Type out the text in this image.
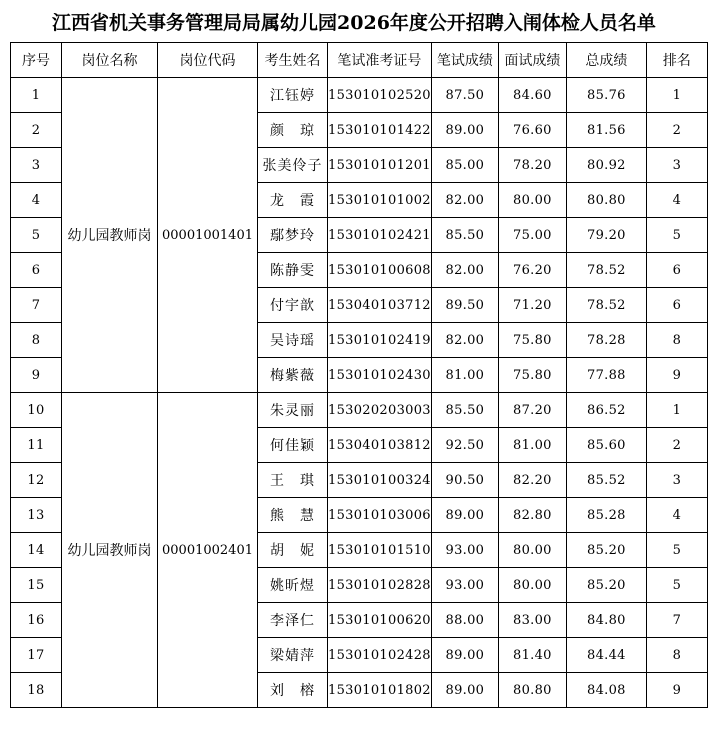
江西省机关事务管理局局属幼儿园2026年度公开招聘入闱体检人员名单
序号	岗位名称	岗位代码	考生姓名	笔试准考证号	笔试成绩	面试成绩	总成绩	排名
1	幼儿园教师岗	00001001401	江钰婷	153010102520	87.50	84.60	85.76	1
2			颜　琼	153010101422	89.00	76.60	81.56	2
3			张美伶子	153010101201	85.00	78.20	80.92	3
4			龙　霞	153010101002	82.00	80.00	80.80	4
5			鄢梦玲	153010102421	85.50	75.00	79.20	5
6			陈静雯	153010100608	82.00	76.20	78.52	6
7			付宇歆	153040103712	89.50	71.20	78.52	6
8			吴诗瑶	153010102419	82.00	75.80	78.28	8
9			梅紫薇	153010102430	81.00	75.80	77.88	9
10	幼儿园教师岗	00001002401	朱灵丽	153020203003	85.50	87.20	86.52	1
11			何佳颖	153040103812	92.50	81.00	85.60	2
12			王　琪	153010100324	90.50	82.20	85.52	3
13			熊　慧	153010103006	89.00	82.80	85.28	4
14			胡　妮	153010101510	93.00	80.00	85.20	5
15			姚昕煜	153010102828	93.00	80.00	85.20	5
16			李泽仁	153010100620	88.00	83.00	84.80	7
17			梁婧萍	153010102428	89.00	81.40	84.44	8
18			刘　榕	153010101802	89.00	80.80	84.08	9
